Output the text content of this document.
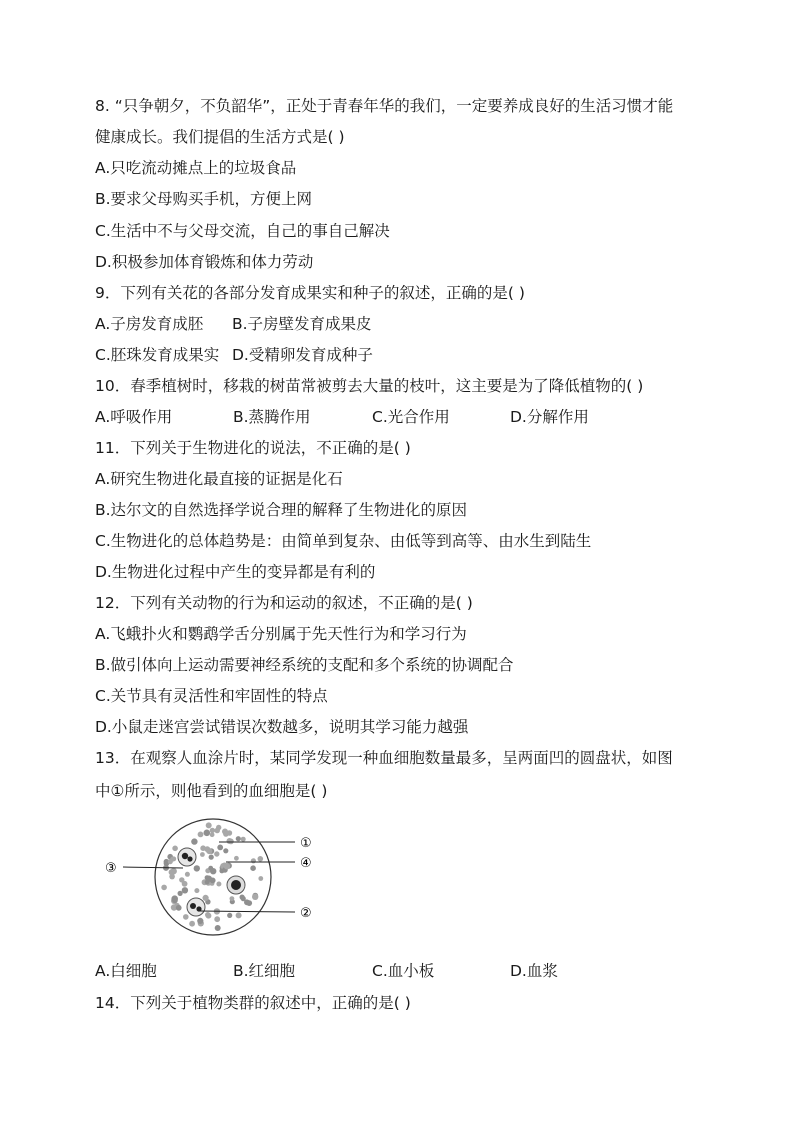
8. “只争朝夕，不负韶华”，正处于青春年华的我们，一定要养成良好的生活习惯才能
健康成长。我们提倡的生活方式是( )
A.只吃流动摊点上的垃圾食品
B.要求父母购买手机，方便上网
C.生活中不与父母交流，自己的事自己解决
D.积极参加体育锻炼和体力劳动
9．下列有关花的各部分发育成果实和种子的叙述，正确的是( )
A.子房发育成胚 B.子房壁发育成果皮
C.胚珠发育成果实 D.受精卵发育成种子
10．春季植树时，移栽的树苗常被剪去大量的枝叶，这主要是为了降低植物的( )
A.呼吸作用	B.蒸腾作用	C.光合作用	D.分解作用
11．下列关于生物进化的说法，不正确的是( )
A.研究生物进化最直接的证据是化石
B.达尔文的自然选择学说合理的解释了生物进化的原因
C.生物进化的总体趋势是：由简单到复杂、由低等到高等、由水生到陆生
D.生物进化过程中产生的变异都是有利的
12．下列有关动物的行为和运动的叙述，不正确的是( )
A.飞蛾扑火和鹦鹉学舌分别属于先天性行为和学习行为
B.做引体向上运动需要神经系统的支配和多个系统的协调配合
C.关节具有灵活性和牢固性的特点
D.小鼠走迷宫尝试错误次数越多，说明其学习能力越强
13．在观察人血涂片时，某同学发现一种血细胞数量最多，呈两面凹的圆盘状，如图
中①所示，则他看到的血细胞是( )
①
②
③	④
A.白细胞	B.红细胞	C.血小板	D.血浆
14．下列关于植物类群的叙述中，正确的是( )
